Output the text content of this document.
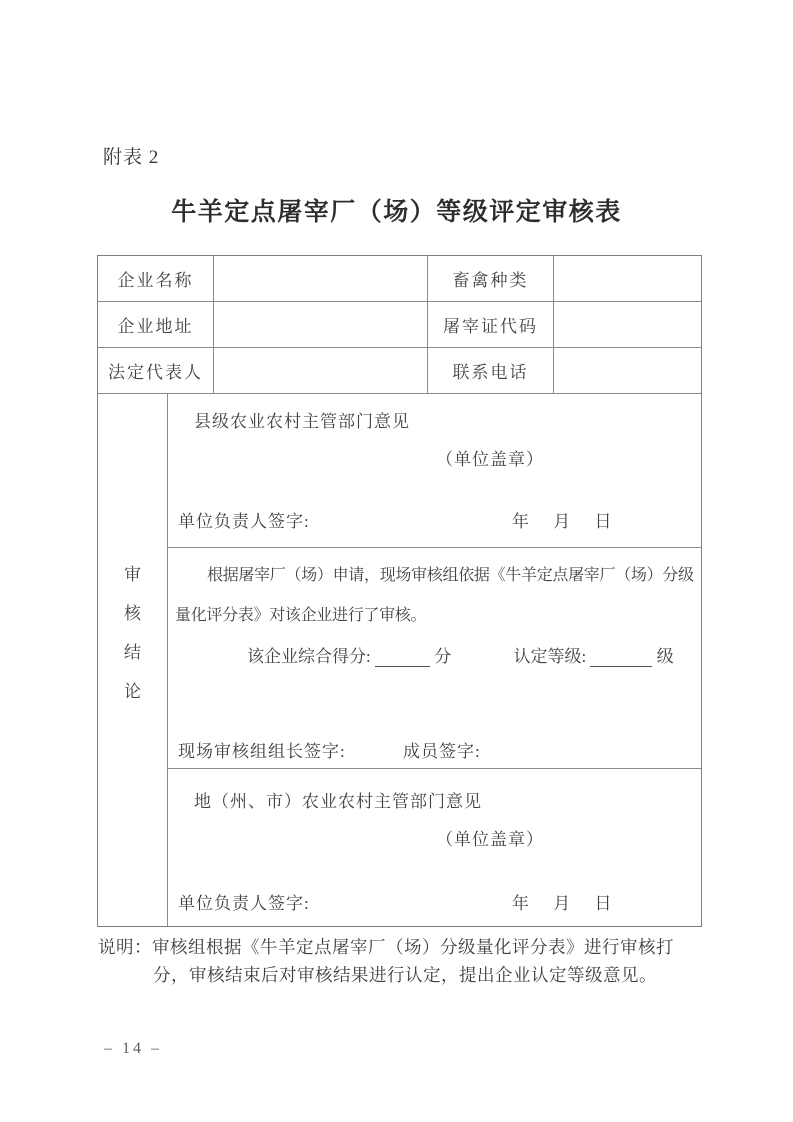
附表 2
牛羊定点屠宰厂（场）等级评定审核表
企业名称	畜禽种类
企业地址	屠宰证代码
法定代表人	联系电话
审
核
结
论
县级农业农村主管部门意见
（单位盖章）
单位负责人签字:	年　 月　 日
根据屠宰厂（场）申请，现场审核组依据《牛羊定点屠宰厂（场）分级
量化评分表》对该企业进行了审核。
该企业综合得分:	分	认定等级:	级
现场审核组组长签字:	成员签字:
地（州、市）农业农村主管部门意见
（单位盖章）
单位负责人签字:	年　 月　 日
说明： 审核组根据《牛羊定点屠宰厂（场）分级量化评分表》进行审核打
分，审核结束后对审核结果进行认定，提出企业认定等级意见。
– 14 –
